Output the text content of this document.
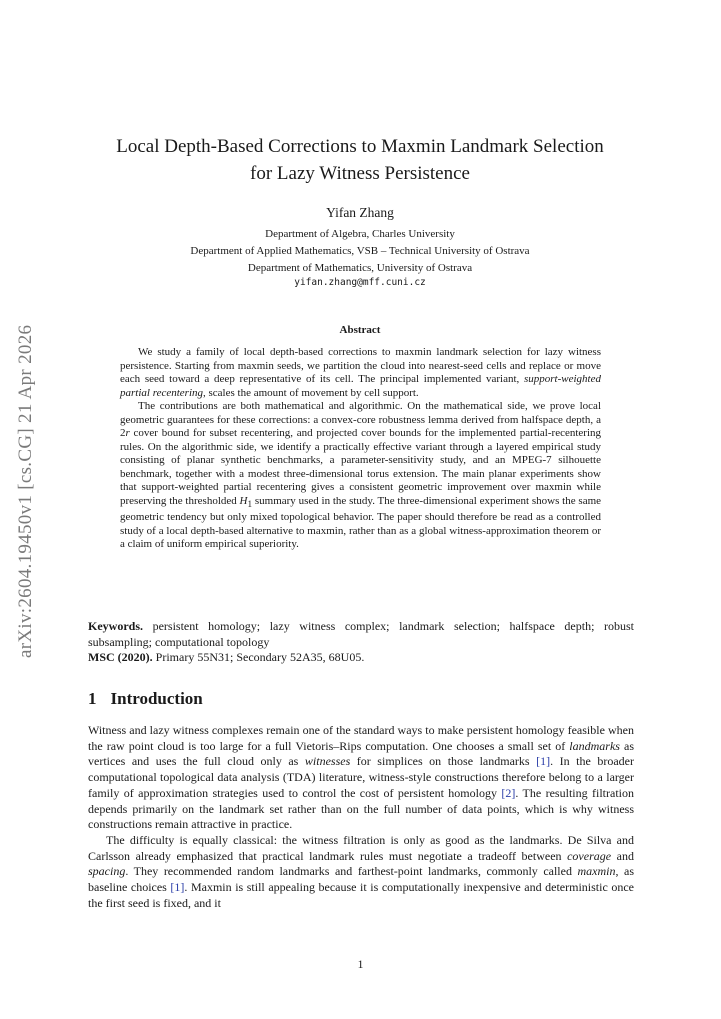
arXiv:2604.19450v1 [cs.CG] 21 Apr 2026
Local Depth-Based Corrections to Maxmin Landmark Selection
for Lazy Witness Persistence
Yifan Zhang
Department of Algebra, Charles University
Department of Applied Mathematics, VSB – Technical University of Ostrava
Department of Mathematics, University of Ostrava
yifan.zhang@mff.cuni.cz
Abstract

We study a family of local depth-based corrections to maxmin landmark selection for lazy witness persistence. Starting from maxmin seeds, we partition the cloud into nearest-seed cells and replace or move each seed toward a deep representative of its cell. The principal implemented variant, support-weighted partial recentering, scales the amount of movement by cell support.

The contributions are both mathematical and algorithmic. On the mathematical side, we prove local geometric guarantees for these corrections: a convex-core robustness lemma derived from halfspace depth, a 2r cover bound for subset recentering, and projected cover bounds for the implemented partial-recentering rules. On the algorithmic side, we identify a practically effective variant through a layered empirical study consisting of planar synthetic benchmarks, a parameter-sensitivity study, and an MPEG-7 silhouette benchmark, together with a modest three-dimensional torus extension. The main planar experiments show that support-weighted partial recentering gives a consistent geometric improvement over maxmin while preserving the thresholded $H_1$ summary used in the study. The three-dimensional experiment shows the same geometric tendency but only mixed topological behavior. The paper should therefore be read as a controlled study of a local depth-based alternative to maxmin, rather than as a global witness-approximation theorem or a claim of uniform empirical superiority.

Keywords. persistent homology; lazy witness complex; landmark selection; halfspace depth; robust subsampling; computational topology
MSC (2020). Primary 55N31; Secondary 52A35, 68U05.
1 Introduction

Witness and lazy witness complexes remain one of the standard ways to make persistent homology feasible when the raw point cloud is too large for a full Vietoris–Rips computation. One chooses a small set of landmarks as vertices and uses the full cloud only as witnesses for simplices on those landmarks [1]. In the broader computational topological data analysis (TDA) literature, witness-style constructions therefore belong to a larger family of approximation strategies used to control the cost of persistent homology [2]. The resulting filtration depends primarily on the landmark set rather than on the full number of data points, which is why witness constructions remain attractive in practice.

The difficulty is equally classical: the witness filtration is only as good as the landmarks. De Silva and Carlsson already emphasized that practical landmark rules must negotiate a tradeoff between coverage and spacing. They recommended random landmarks and farthest-point landmarks, commonly called maxmin, as baseline choices [1]. Maxmin is still appealing because it is computationally inexpensive and deterministic once the first seed is fixed, and it

1
